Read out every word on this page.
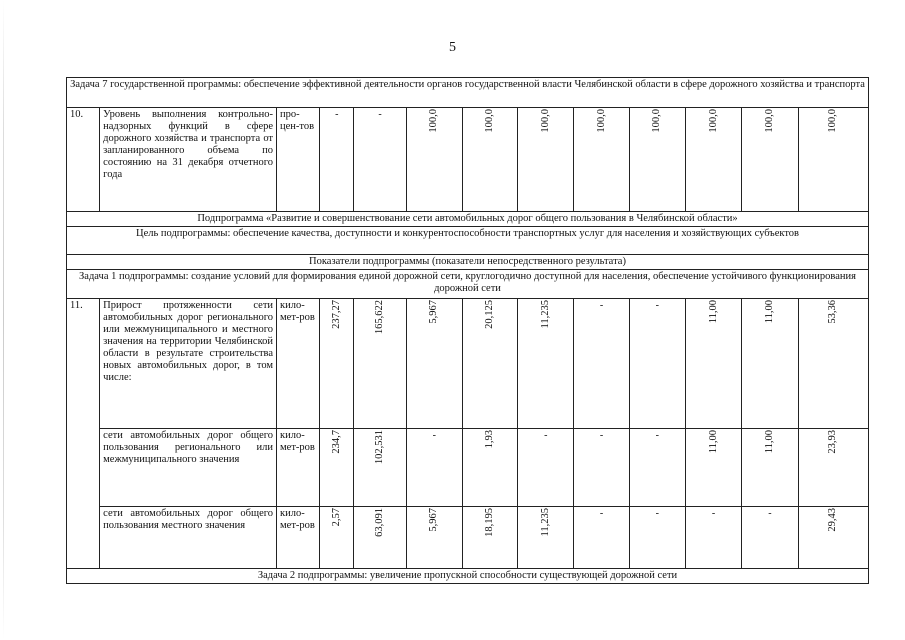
5
Задача 7 государственной программы: обеспечение эффективной деятельности органов государственной власти Челябинской области в сфере дорожного хозяйства и транспорта												
10.	Уровень выполнения контрольно-надзорных функций в сфере дорожного хозяйства и транспорта от запланированного объема по состоянию на 31 декабря отчетного года	про-цен-тов	-	-	100,0	100,0	100,0	100,0	100,0	100,0	100,0	100,0
Подпрограмма «Развитие и совершенствование сети автомобильных дорог общего пользования в Челябинской области»												
Цель подпрограммы: обеспечение качества, доступности и конкурентоспособности транспортных услуг для населения и хозяйствующих субъектов												
Показатели подпрограммы (показатели непосредственного результата)												
Задача 1 подпрограммы: создание условий для формирования единой дорожной сети, круглогодично доступной для населения, обеспечение устойчивого функционирования дорожной сети												
11.	Прирост протяженности сети автомобильных дорог регионального или межмуниципального и местного значения на территории Челябинской области в результате строительства новых автомобильных дорог, в том числе:	кило-мет-ров	237,27	165,622	5,967	20,125	11,235	-	-	11,00	11,00	53,36
	сети автомобильных дорог общего пользования регионального или межмуниципального значения	кило-мет-ров	234,7	102,531	-	1,93	-	-	-	11,00	11,00	23,93
	сети автомобильных дорог общего пользования местного значения	кило-мет-ров	2,57	63,091	5,967	18,195	11,235	-	-	-	-	29,43
Задача 2 подпрограммы: увеличение пропускной способности существующей дорожной сети												
